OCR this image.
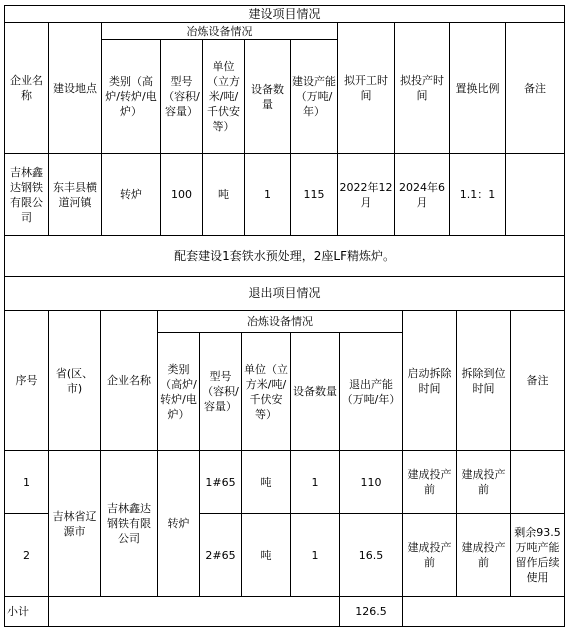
建设项目情况										
企业名称	建设地点	冶炼设备情况					拟开工时间	拟投产时间	置换比例	备注
		类别（高炉/转炉/电炉）	型号（容积/容量）	单位（立方米/吨/千伏安等）	设备数量	建设产能（万吨/年）				
吉林鑫达钢铁有限公司	东丰县横道河镇	转炉	100	吨	1	115	2022年12月	2024年6月	1.1：1	
配套建设1套铁水预处理，2座LF精炼炉。										
退出项目情况										
序号	省(区、市)	企业名称	冶炼设备情况					启动拆除时间	拆除到位时间	备注
			类别（高炉/转炉/电炉）	型号（容积/容量）	单位（立方米/吨/千伏安等）	设备数量	退出产能（万吨/年）			
1	吉林省辽源市	吉林鑫达钢铁有限公司	转炉	1#65	吨	1	110	建成投产前	建成投产前	
2				2#65	吨	1	16.5	建成投产前	建成投产前	剩余93.5万吨产能留作后续使用
小计							126.5			
